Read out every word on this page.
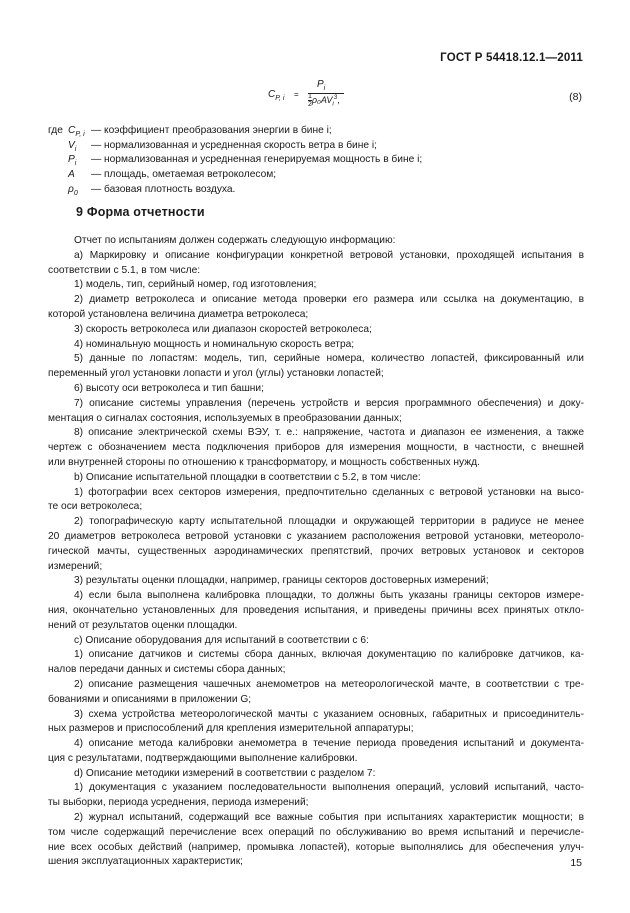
ГОСТ Р 54418.12.1—2011
$C_{P, i}$ =
$P_i$
$\frac{1}{2} \rho_0AV_i^3$,	(8)
где $C_{P, i}$ — коэффициент преобразования энергии в бине i;
$V_i$ — нормализованная и усредненная скорость ветра в бине i;
$P_i$ — нормализованная и усредненная генерируемая мощность в бине i;
A — площадь, ометаемая ветроколесом;
$\rho_0$ — базовая плотность воздуха.
9 Форма отчетности
Отчет по испытаниям должен содержать следующую информацию:
a) Маркировку и описание конфигурации конкретной ветровой установки, проходящей испытания в
соответствии с 5.1, в том числе:
1) модель, тип, серийный номер, год изготовления;
2) диаметр ветроколеса и описание метода проверки его размера или ссылка на документацию, в
которой установлена величина диаметра ветроколеса;
3) скорость ветроколеса или диапазон скоростей ветроколеса;
4) номинальную мощность и номинальную скорость ветра;
5) данные по лопастям: модель, тип, серийные номера, количество лопастей, фиксированный или
переменный угол установки лопасти и угол (углы) установки лопастей;
6) высоту оси ветроколеса и тип башни;
7) описание системы управления (перечень устройств и версия программного обеспечения) и доку-
ментация о сигналах состояния, используемых в преобразовании данных;
8) описание электрической схемы ВЭУ, т. е.: напряжение, частота и диапазон ее изменения, а также
чертеж с обозначением места подключения приборов для измерения мощности, в частности, с внешней
или внутренней стороны по отношению к трансформатору, и мощность собственных нужд.
b) Описание испытательной площадки в соответствии с 5.2, в том числе:
1) фотографии всех секторов измерения, предпочтительно сделанных с ветровой установки на высо-
те оси ветроколеса;
2) топографическую карту испытательной площадки и окружающей территории в радиусе не менее
20 диаметров ветроколеса ветровой установки с указанием расположения ветровой установки, метеороло-
гической мачты, существенных аэродинамических препятствий, прочих ветровых установок и секторов
измерений;
3) результаты оценки площадки, например, границы секторов достоверных измерений;
4) если была выполнена калибровка площадки, то должны быть указаны границы секторов измере-
ния, окончательно установленных для проведения испытания, и приведены причины всех принятых откло-
нений от результатов оценки площадки.
c) Описание оборудования для испытаний в соответствии с 6:
1) описание датчиков и системы сбора данных, включая документацию по калибровке датчиков, ка-
налов передачи данных и системы сбора данных;
2) описание размещения чашечных анемометров на метеорологической мачте, в соответствии с тре-
бованиями и описаниями в приложении G;
3) схема устройства метеорологической мачты с указанием основных, габаритных и присоединитель-
ных размеров и приспособлений для крепления измерительной аппаратуры;
4) описание метода калибровки анемометра в течение периода проведения испытаний и документа-
ция с результатами, подтверждающими выполнение калибровки.
d) Описание методики измерений в соответствии с разделом 7:
1) документация с указанием последовательности выполнения операций, условий испытаний, часто-
ты выборки, периода усреднения, периода измерений;
2) журнал испытаний, содержащий все важные события при испытаниях характеристик мощности; в
том числе содержащий перечисление всех операций по обслуживанию во время испытаний и перечисле-
ние всех особых действий (например, промывка лопастей), которые выполнялись для обеспечения улуч-
шения эксплуатационных характеристик;	15
